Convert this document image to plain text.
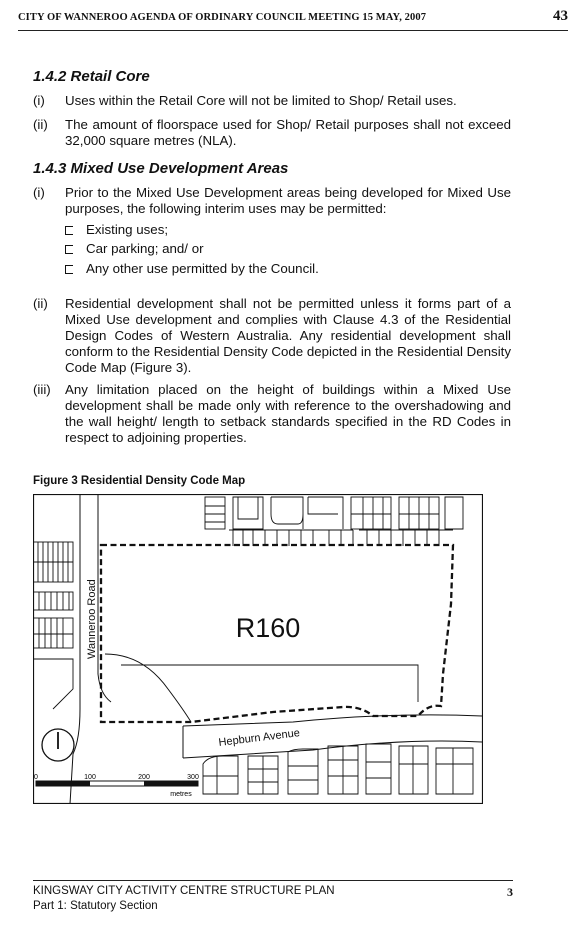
CITY OF WANNEROO AGENDA OF ORDINARY COUNCIL MEETING 15 MAY, 2007	43
1.4.2 Retail Core
(i) Uses within the Retail Core will not be limited to Shop/ Retail uses.
(ii) The amount of floorspace used for Shop/ Retail purposes shall not exceed 32,000 square metres (NLA).
1.4.3 Mixed Use Development Areas
(i) Prior to the Mixed Use Development areas being developed for Mixed Use purposes, the following interim uses may be permitted:
Existing uses;
Car parking; and/ or
Any other use permitted by the Council.
(ii) Residential development shall not be permitted unless it forms part of a Mixed Use development and complies with Clause 4.3 of the Residential Design Codes of Western Australia. Any residential development shall conform to the Residential Density Code depicted in the Residential Density Code Map (Figure 3).
(iii) Any limitation placed on the height of buildings within a Mixed Use development shall be made only with reference to the overshadowing and the wall height/ length to setback standards specified in the RD Codes in respect to adjoining properties.
Figure 3 Residential Density Code Map
0	100	200	300
metres
R160
Wanneroo Road
Hepburn Avenue
KINGSWAY CITY ACTIVITY CENTRE STRUCTURE PLAN
Part 1: Statutory Section
3
